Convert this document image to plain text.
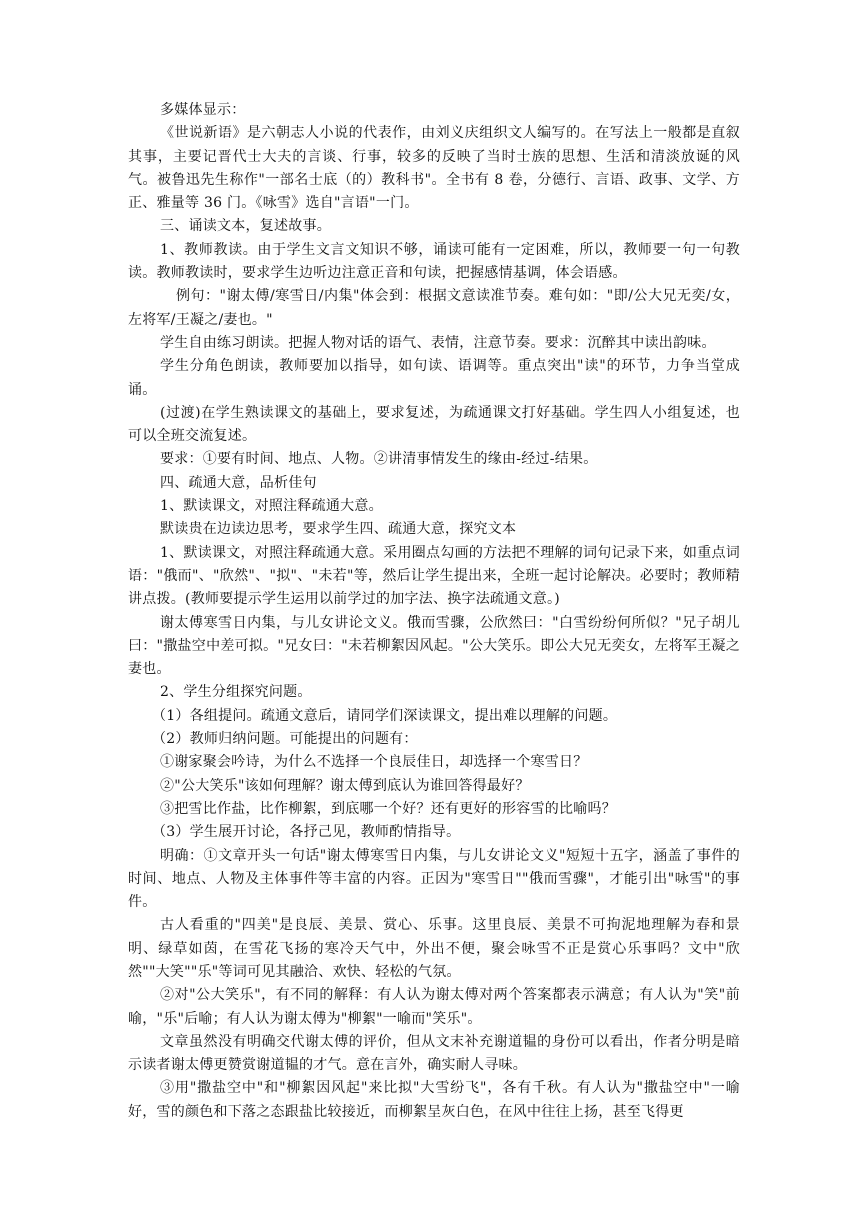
多媒体显示：

《世说新语》是六朝志人小说的代表作，由刘义庆组织文人编写的。在写法上一般都是直叙其事，主要记晋代士大夫的言谈、行事，较多的反映了当时士族的思想、生活和清淡放诞的风气。被鲁迅先生称作"一部名士底（的）教科书"。全书有 8 卷，分德行、言语、政事、文学、方正、雅量等 36 门。《咏雪》选自"言语"一门。

三、诵读文本，复述故事。

1、教师教读。由于学生文言文知识不够，诵读可能有一定困难，所以，教师要一句一句教读。教师教读时，要求学生边听边注意正音和句读，把握感情基调，体会语感。

例句："谢太傅/寒雪日/内集"体会到：根据文意读准节奏。难句如："即/公大兄无奕/女，左将军/王凝之/妻也。"

学生自由练习朗读。把握人物对话的语气、表情，注意节奏。要求：沉醉其中读出韵味。

学生分角色朗读，教师要加以指导，如句读、语调等。重点突出"读"的环节，力争当堂成诵。

(过渡)在学生熟读课文的基础上，要求复述，为疏通课文打好基础。学生四人小组复述，也可以全班交流复述。

要求：①要有时间、地点、人物。②讲清事情发生的缘由-经过-结果。

四、疏通大意，品析佳句

1、默读课文，对照注释疏通大意。

默读贵在边读边思考，要求学生四、疏通大意，探究文本

1、默读课文，对照注释疏通大意。采用圈点勾画的方法把不理解的词句记录下来，如重点词语："俄而"、"欣然"、"拟"、"未若"等，然后让学生提出来，全班一起讨论解决。必要时；教师精讲点拨。(教师要提示学生运用以前学过的加字法、换字法疏通文意。)

谢太傅寒雪日内集，与儿女讲论文义。俄而雪骤，公欣然曰："白雪纷纷何所似？"兄子胡儿曰："撒盐空中差可拟。"兄女曰："未若柳絮因风起。"公大笑乐。即公大兄无奕女，左将军王凝之妻也。

2、学生分组探究问题。

（1）各组提问。疏通文意后，请同学们深读课文，提出难以理解的问题。

（2）教师归纳问题。可能提出的问题有：

①谢家聚会吟诗，为什么不选择一个良辰佳日，却选择一个寒雪日？

②"公大笑乐"该如何理解？谢太傅到底认为谁回答得最好？

③把雪比作盐，比作柳絮，到底哪一个好？还有更好的形容雪的比喻吗？

（3）学生展开讨论，各抒己见，教师酌情指导。

明确：①文章开头一句话"谢太傅寒雪日内集，与儿女讲论文义"短短十五字，涵盖了事件的时间、地点、人物及主体事件等丰富的内容。正因为"寒雪日""俄而雪骤"，才能引出"咏雪"的事件。

古人看重的"四美"是良辰、美景、赏心、乐事。这里良辰、美景不可拘泥地理解为春和景明、绿草如茵，在雪花飞扬的寒冷天气中，外出不便，聚会咏雪不正是赏心乐事吗？文中"欣然""大笑""乐"等词可见其融洽、欢快、轻松的气氛。

②对"公大笑乐"，有不同的解释：有人认为谢太傅对两个答案都表示满意；有人认为"笑"前喻，"乐"后喻；有人认为谢太傅为"柳絮"一喻而"笑乐"。

文章虽然没有明确交代谢太傅的评价，但从文末补充谢道韫的身份可以看出，作者分明是暗示读者谢太傅更赞赏谢道韫的才气。意在言外，确实耐人寻味。

③用"撒盐空中"和"柳絮因风起"来比拟"大雪纷飞"，各有千秋。有人认为"撒盐空中"一喻好，雪的颜色和下落之态跟盐比较接近，而柳絮呈灰白色，在风中往往上扬，甚至飞得更
